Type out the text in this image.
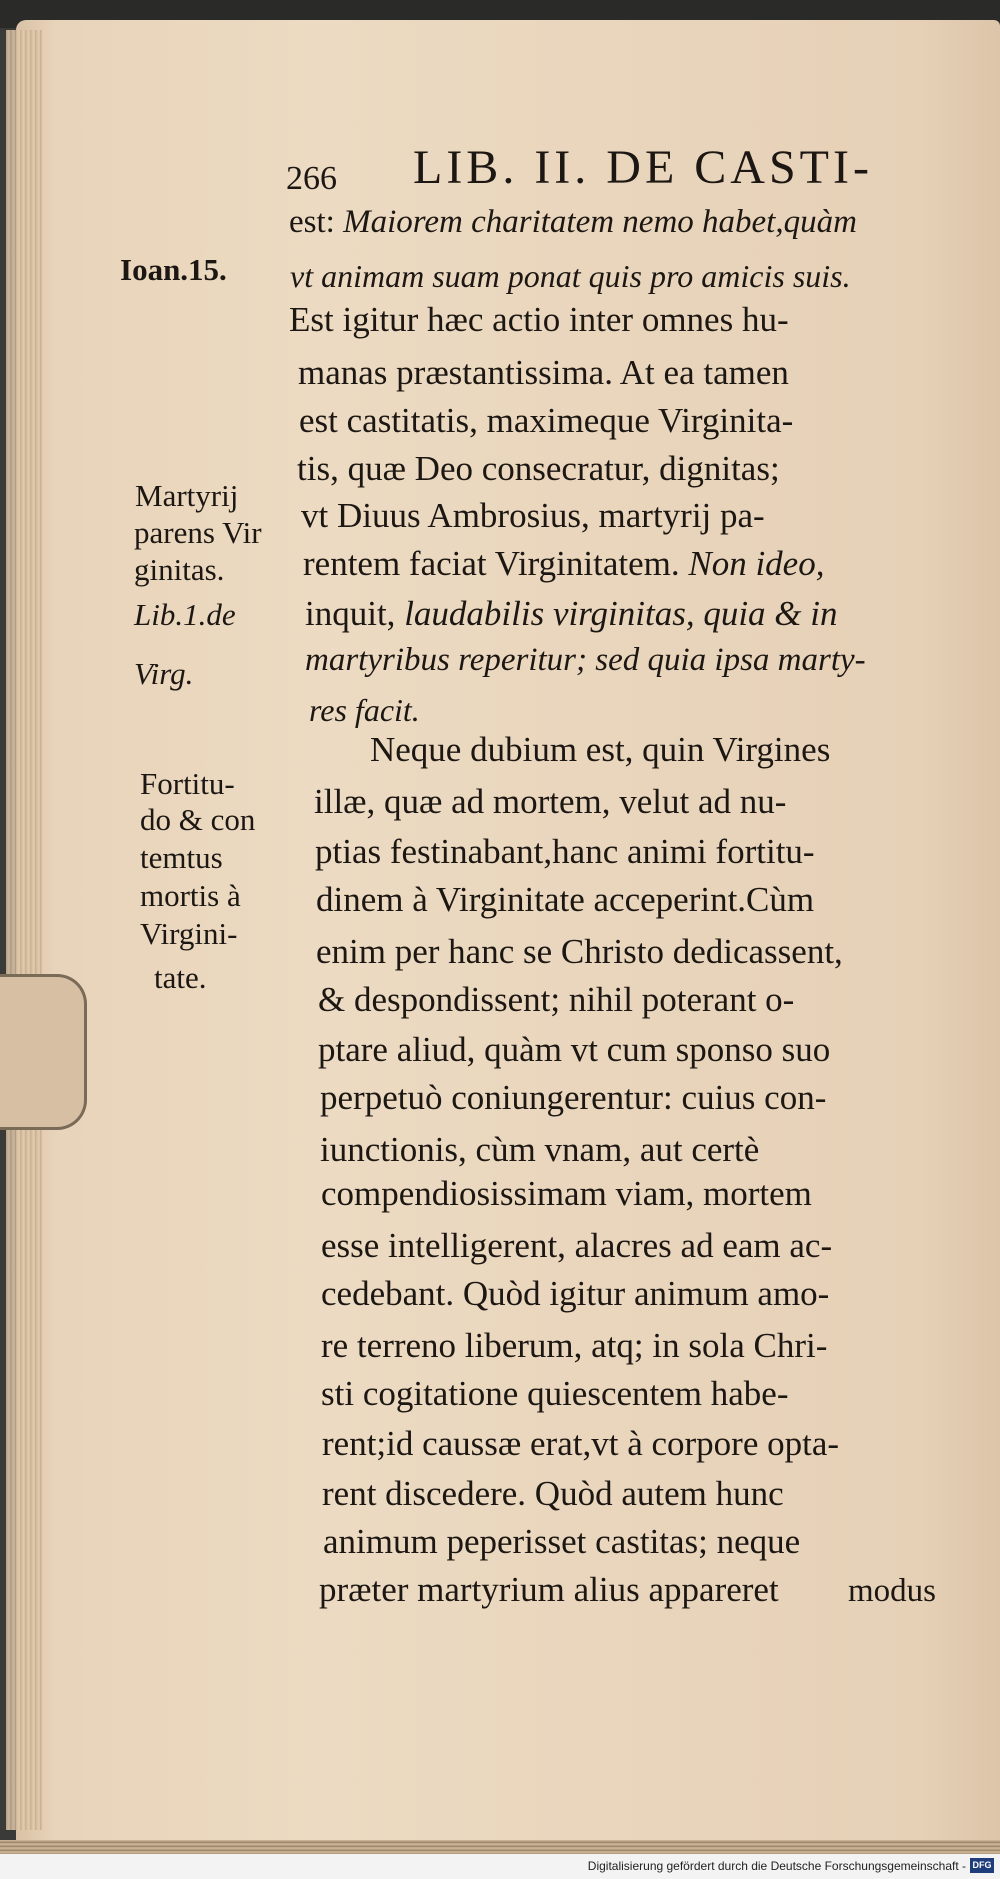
266 LIB. II. DE CASTI-
Ioan.15.
Martyrij
parens Vir
ginitas.
Lib.1.de
Virg.
Fortitu-
do & con
temtus
mortis à
Virgini-
tate.
est: Maiorem charitatem nemo habet,quàm
vt animam suam ponat quis pro amicis suis.
Est igitur hæc actio inter omnes hu-
manas præstantissima. At ea tamen
est castitatis, maximeque Virginita-
tis, quæ Deo consecratur, dignitas;
vt Diuus Ambrosius, martyrij pa-
rentem faciat Virginitatem. Non ideo,
inquit, laudabilis virginitas, quia & in
martyribus reperitur; sed quia ipsa marty-
res facit.
Neque dubium est, quin Virgines
illæ, quæ ad mortem, velut ad nu-
ptias festinabant,hanc animi fortitu-
dinem à Virginitate acceperint.Cùm
enim per hanc se Christo dedicassent,
& despondissent; nihil poterant o-
ptare aliud, quàm vt cum sponso suo
perpetuò coniungerentur: cuius con-
iunctionis, cùm vnam, aut certè
compendiosissimam viam, mortem
esse intelligerent, alacres ad eam ac-
cedebant. Quòd igitur animum amo-
re terreno liberum, atq; in sola Chri-
sti cogitatione quiescentem habe-
rent;id caussæ erat,vt à corpore opta-
rent discedere. Quòd autem hunc
animum peperisset castitas; neque
præter martyrium alius appareret modus
Digitalisierung gefördert durch die Deutsche Forschungsgemeinschaft - DFG
